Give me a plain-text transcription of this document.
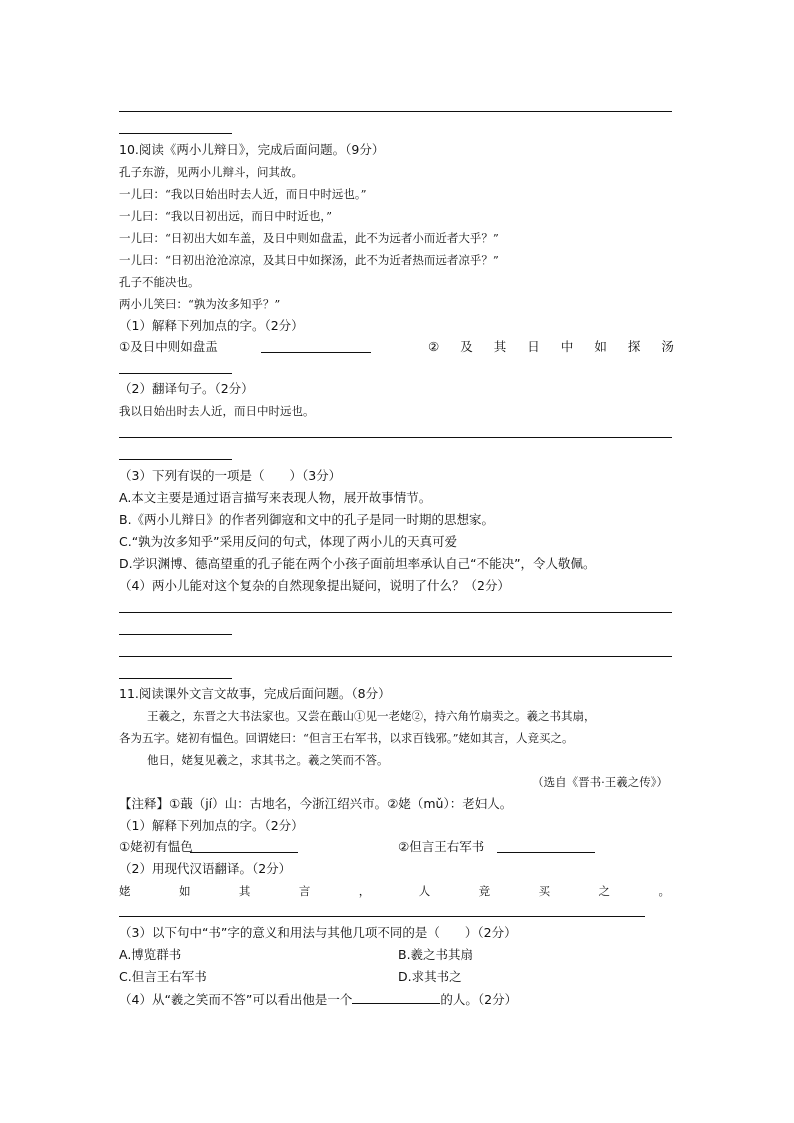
10.阅读《两小儿辩日》，完成后面问题。（9分）
孔子东游，见两小儿辩斗，问其故。
一儿曰：“我以日始出时去人近，而日中时远也。”
一儿曰：“我以日初出远，而日中时近也，”
一儿曰：“日初出大如车盖，及日中则如盘盂，此不为远者小而近者大乎？”
一儿曰：“日初出沧沧凉凉，及其日中如探汤，此不为近者热而远者凉乎？”
孔子不能决也。
两小儿笑曰：“孰为汝多知乎？”
（1）解释下列加点的字。（2分）
①及日中则如盘盂	② 及 其 日 中 如 探 汤
（2）翻译句子。（2分）
我以日始出时去人近，而日中时远也。
（3）下列有误的一项是（　　）（3分）
A.本文主要是通过语言描写来表现人物，展开故事情节。
B.《两小儿辩日》的作者列御寇和文中的孔子是同一时期的思想家。
C.“孰为汝多知乎”采用反问的句式，体现了两小儿的天真可爱
D.学识渊博、德高望重的孔子能在两个小孩子面前坦率承认自己“不能决”，令人敬佩。
（4）两小儿能对这个复杂的自然现象提出疑问，说明了什么？（2分）
11.阅读课外文言文故事，完成后面问题。（8分）
王羲之，东晋之大书法家也。又尝在蕺山①见一老姥②，持六角竹扇卖之。羲之书其扇，
各为五字。姥初有愠色。回谓姥曰：“但言王右军书，以求百钱邪。”姥如其言，人竞买之。
他日，姥复见羲之，求其书之。羲之笑而不答。
（选自《晋书·王羲之传》）
【注释】①蕺（jí）山：古地名，今浙江绍兴市。②姥（mǔ）：老妇人。
（1）解释下列加点的字。（2分）
①姥初有愠色	②但言王右军书
（2）用现代汉语翻译。（2分）
姥	如	其	言	，	人	竞	买	之	。
（3）以下句中“书”字的意义和用法与其他几项不同的是（　　）（2分）
A.博览群书	B.羲之书其扇
C.但言王右军书	D.求其书之
（4）从“羲之笑而不答”可以看出他是一个	的人。（2分）
